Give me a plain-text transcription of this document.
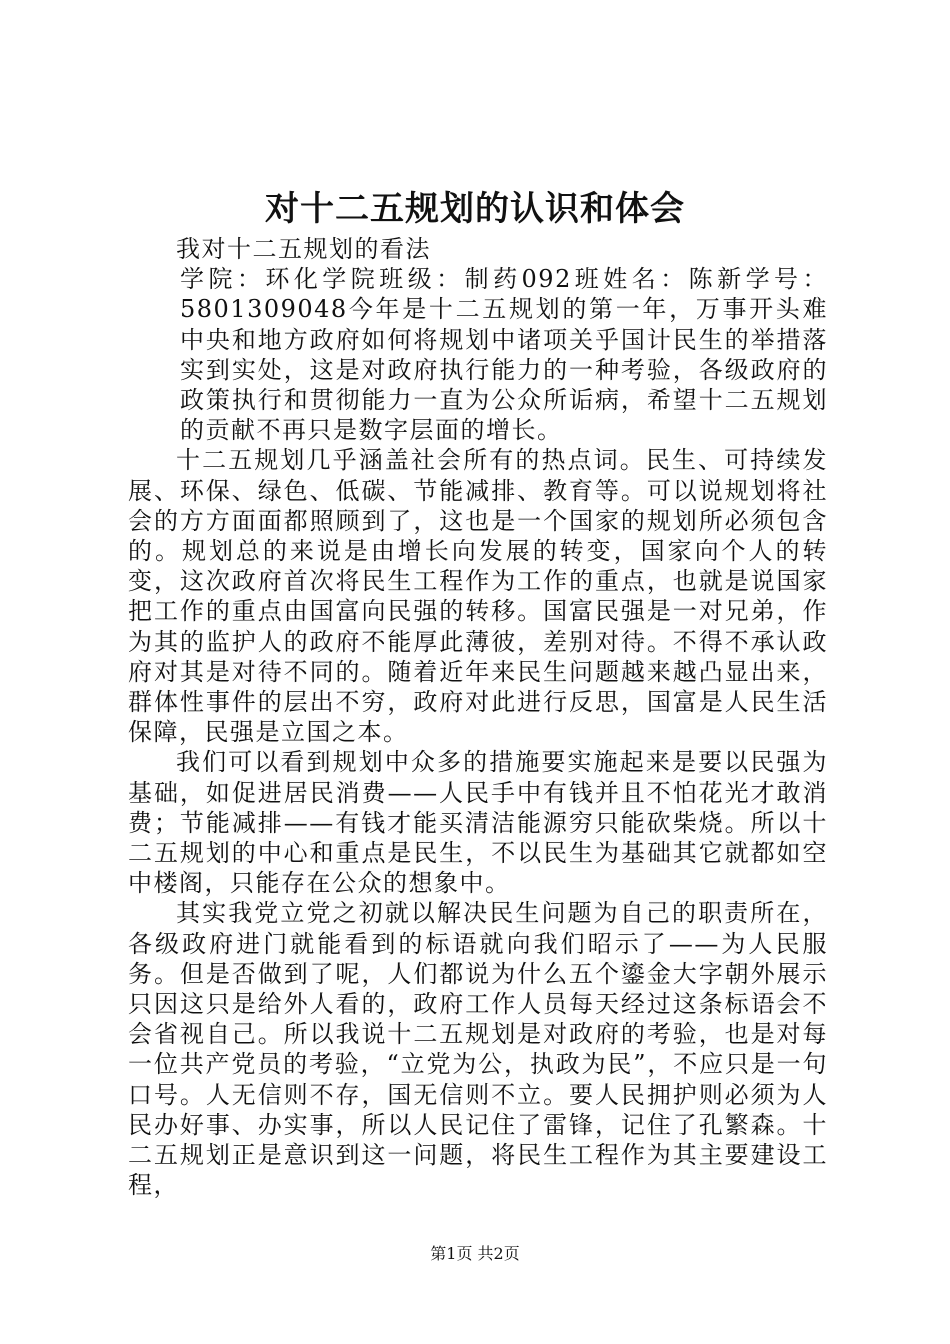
对十二五规划的认识和体会

我对十二五规划的看法

学院：环化学院班级：制药092班姓名：陈新学号：5801309048今年是十二五规划的第一年，万事开头难中央和地方政府如何将规划中诸项关乎国计民生的举措落实到实处，这是对政府执行能力的一种考验，各级政府的政策执行和贯彻能力一直为公众所诟病，希望十二五规划的贡献不再只是数字层面的增长。

十二五规划几乎涵盖社会所有的热点词。民生、可持续发展、环保、绿色、低碳、节能减排、教育等。可以说规划将社会的方方面面都照顾到了，这也是一个国家的规划所必须包含的。规划总的来说是由增长向发展的转变，国家向个人的转变，这次政府首次将民生工程作为工作的重点，也就是说国家把工作的重点由国富向民强的转移。国富民强是一对兄弟，作为其的监护人的政府不能厚此薄彼，差别对待。不得不承认政府对其是对待不同的。随着近年来民生问题越来越凸显出来，群体性事件的层出不穷，政府对此进行反思，国富是人民生活保障，民强是立国之本。

我们可以看到规划中众多的措施要实施起来是要以民强为基础，如促进居民消费——人民手中有钱并且不怕花光才敢消费；节能减排——有钱才能买清洁能源穷只能砍柴烧。所以十二五规划的中心和重点是民生，不以民生为基础其它就都如空中楼阁，只能存在公众的想象中。

其实我党立党之初就以解决民生问题为自己的职责所在，各级政府进门就能看到的标语就向我们昭示了——为人民服务。但是否做到了呢，人们都说为什么五个鎏金大字朝外展示只因这只是给外人看的，政府工作人员每天经过这条标语会不会省视自己。所以我说十二五规划是对政府的考验，也是对每一位共产党员的考验，“立党为公，执政为民”，不应只是一句口号。人无信则不存，国无信则不立。要人民拥护则必须为人民办好事、办实事，所以人民记住了雷锋，记住了孔繁森。十二五规划正是意识到这一问题，将民生工程作为其主要建设工程，

第1页 共2页
